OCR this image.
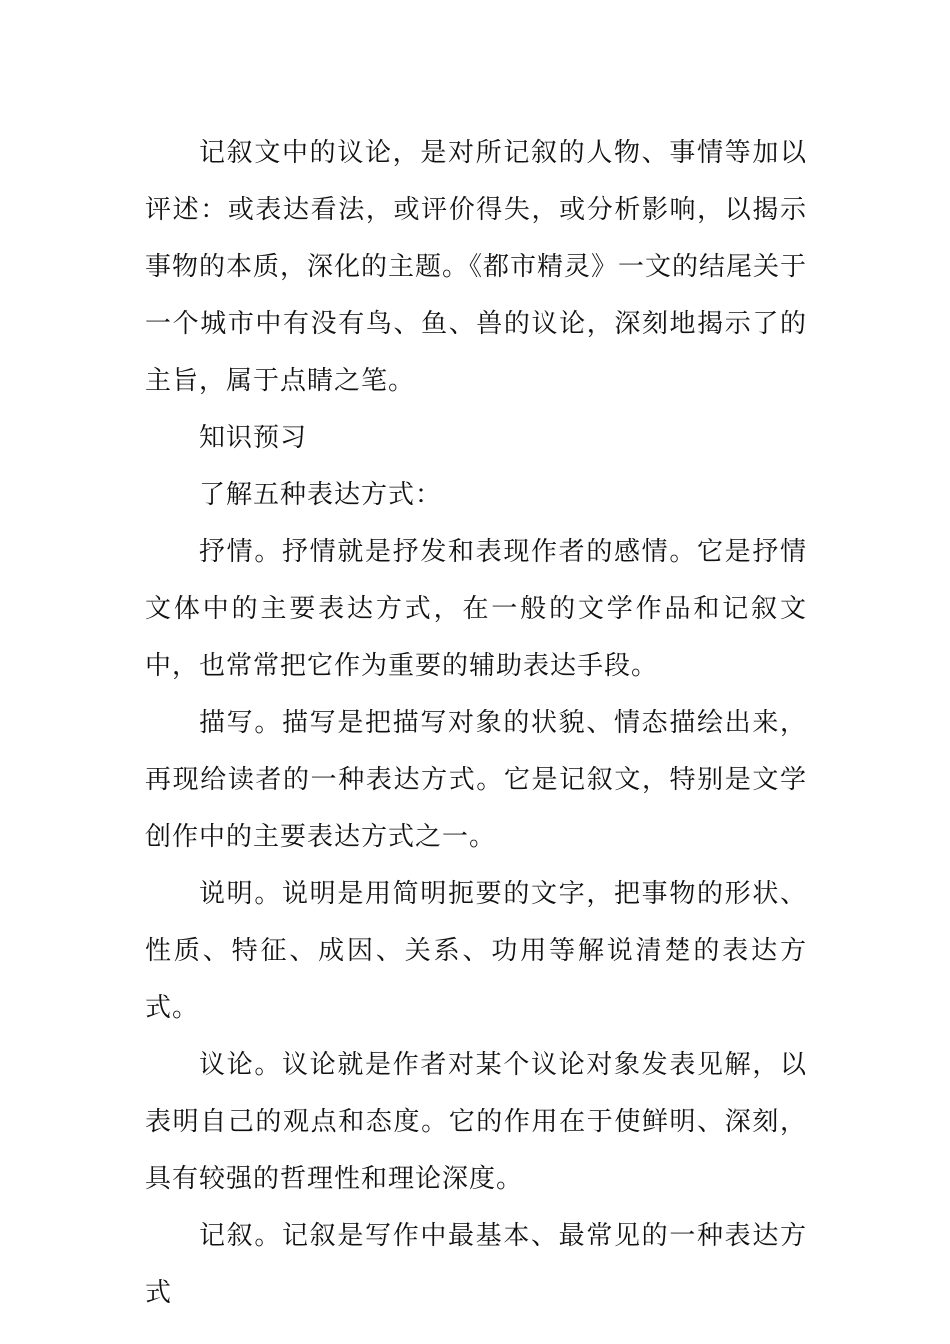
记叙文中的议论，是对所记叙的人物、事情等加以评述：或表达看法，或评价得失，或分析影响，以揭示事物的本质，深化的主题。《都市精灵》一文的结尾关于一个城市中有没有鸟、鱼、兽的议论，深刻地揭示了的主旨，属于点睛之笔。

知识预习

了解五种表达方式：

抒情。抒情就是抒发和表现作者的感情。它是抒情文体中的主要表达方式，在一般的文学作品和记叙文中，也常常把它作为重要的辅助表达手段。

描写。描写是把描写对象的状貌、情态描绘出来，再现给读者的一种表达方式。它是记叙文，特别是文学创作中的主要表达方式之一。

说明。说明是用简明扼要的文字，把事物的形状、性质、特征、成因、关系、功用等解说清楚的表达方式。

议论。议论就是作者对某个议论对象发表见解，以表明自己的观点和态度。它的作用在于使鲜明、深刻，具有较强的哲理性和理论深度。

记叙。记叙是写作中最基本、最常见的一种表达方式
